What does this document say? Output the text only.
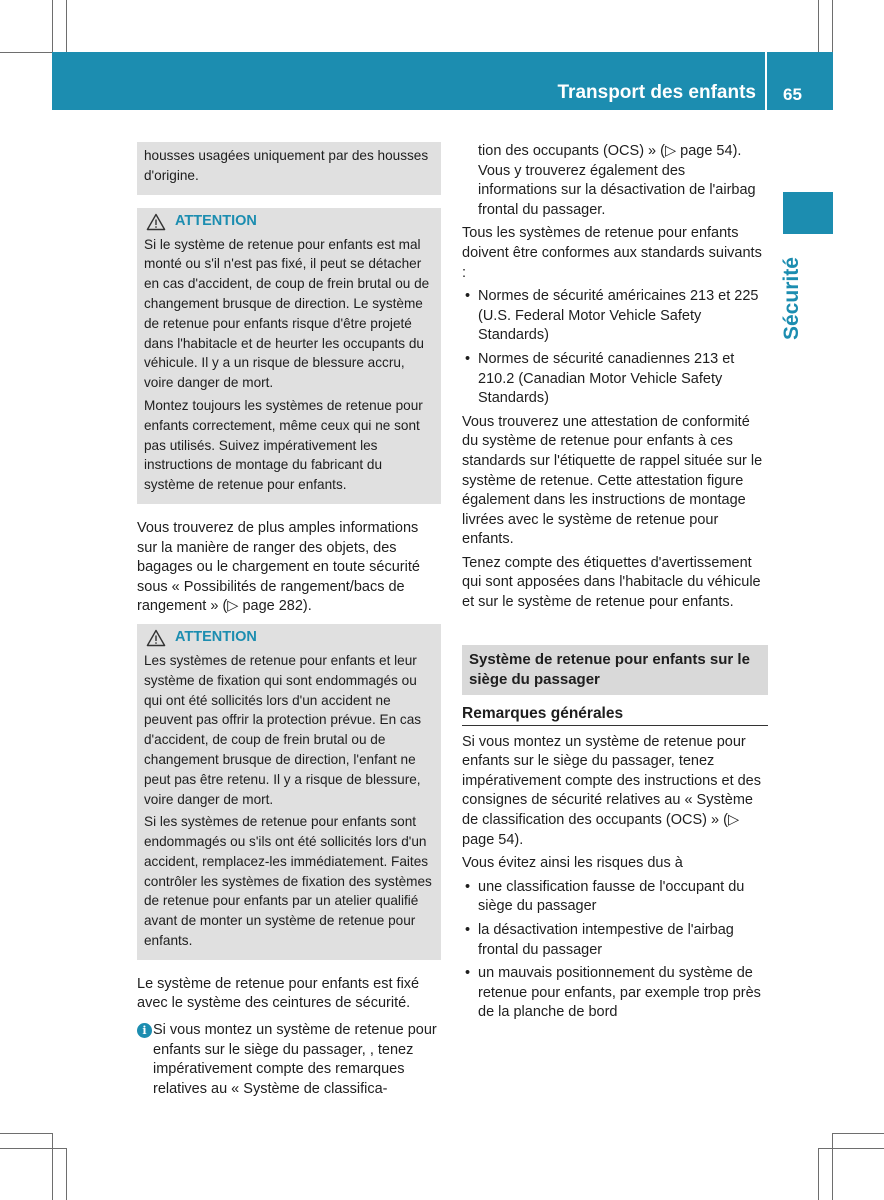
Transport des enfants 65
Sécurité

housses usagées uniquement par des housses d'origine.

ATTENTION

Si le système de retenue pour enfants est mal monté ou s'il n'est pas fixé, il peut se détacher en cas d'accident, de coup de frein brutal ou de changement brusque de direction. Le système de retenue pour enfants risque d'être projeté dans l'habitacle et de heurter les occupants du véhicule. Il y a un risque de blessure accru, voire danger de mort.

Montez toujours les systèmes de retenue pour enfants correctement, même ceux qui ne sont pas utilisés. Suivez impérativement les instructions de montage du fabricant du système de retenue pour enfants.

Vous trouverez de plus amples informations sur la manière de ranger des objets, des bagages ou le chargement en toute sécurité sous « Possibilités de rangement/bacs de rangement » (▷ page 282).

ATTENTION

Les systèmes de retenue pour enfants et leur système de fixation qui sont endommagés ou qui ont été sollicités lors d'un accident ne peuvent pas offrir la protection prévue. En cas d'accident, de coup de frein brutal ou de changement brusque de direction, l'enfant ne peut pas être retenu. Il y a risque de blessure, voire danger de mort.

Si les systèmes de retenue pour enfants sont endommagés ou s'ils ont été sollicités lors d'un accident, remplacez-les immédiatement. Faites contrôler les systèmes de fixation des systèmes de retenue pour enfants par un atelier qualifié avant de monter un système de retenue pour enfants.

Le système de retenue pour enfants est fixé avec le système des ceintures de sécurité.

i Si vous montez un système de retenue pour enfants sur le siège du passager, , tenez impérativement compte des remarques relatives au « Système de classifica-

tion des occupants (OCS) » (▷ page 54). Vous y trouverez également des informations sur la désactivation de l'airbag frontal du passager.

Tous les systèmes de retenue pour enfants doivent être conformes aux standards suivants :

• Normes de sécurité américaines 213 et 225 (U.S. Federal Motor Vehicle Safety Standards)
• Normes de sécurité canadiennes 213 et 210.2 (Canadian Motor Vehicle Safety Standards)

Vous trouverez une attestation de conformité du système de retenue pour enfants à ces standards sur l'étiquette de rappel située sur le système de retenue. Cette attestation figure également dans les instructions de montage livrées avec le système de retenue pour enfants.

Tenez compte des étiquettes d'avertissement qui sont apposées dans l'habitacle du véhicule et sur le système de retenue pour enfants.

Système de retenue pour enfants sur le siège du passager
Remarques générales

Si vous montez un système de retenue pour enfants sur le siège du passager, tenez impérativement compte des instructions et des consignes de sécurité relatives au « Système de classification des occupants (OCS) » (▷ page 54).

Vous évitez ainsi les risques dus à

• une classification fausse de l'occupant du siège du passager
• la désactivation intempestive de l'airbag frontal du passager
• un mauvais positionnement du système de retenue pour enfants, par exemple trop près de la planche de bord
